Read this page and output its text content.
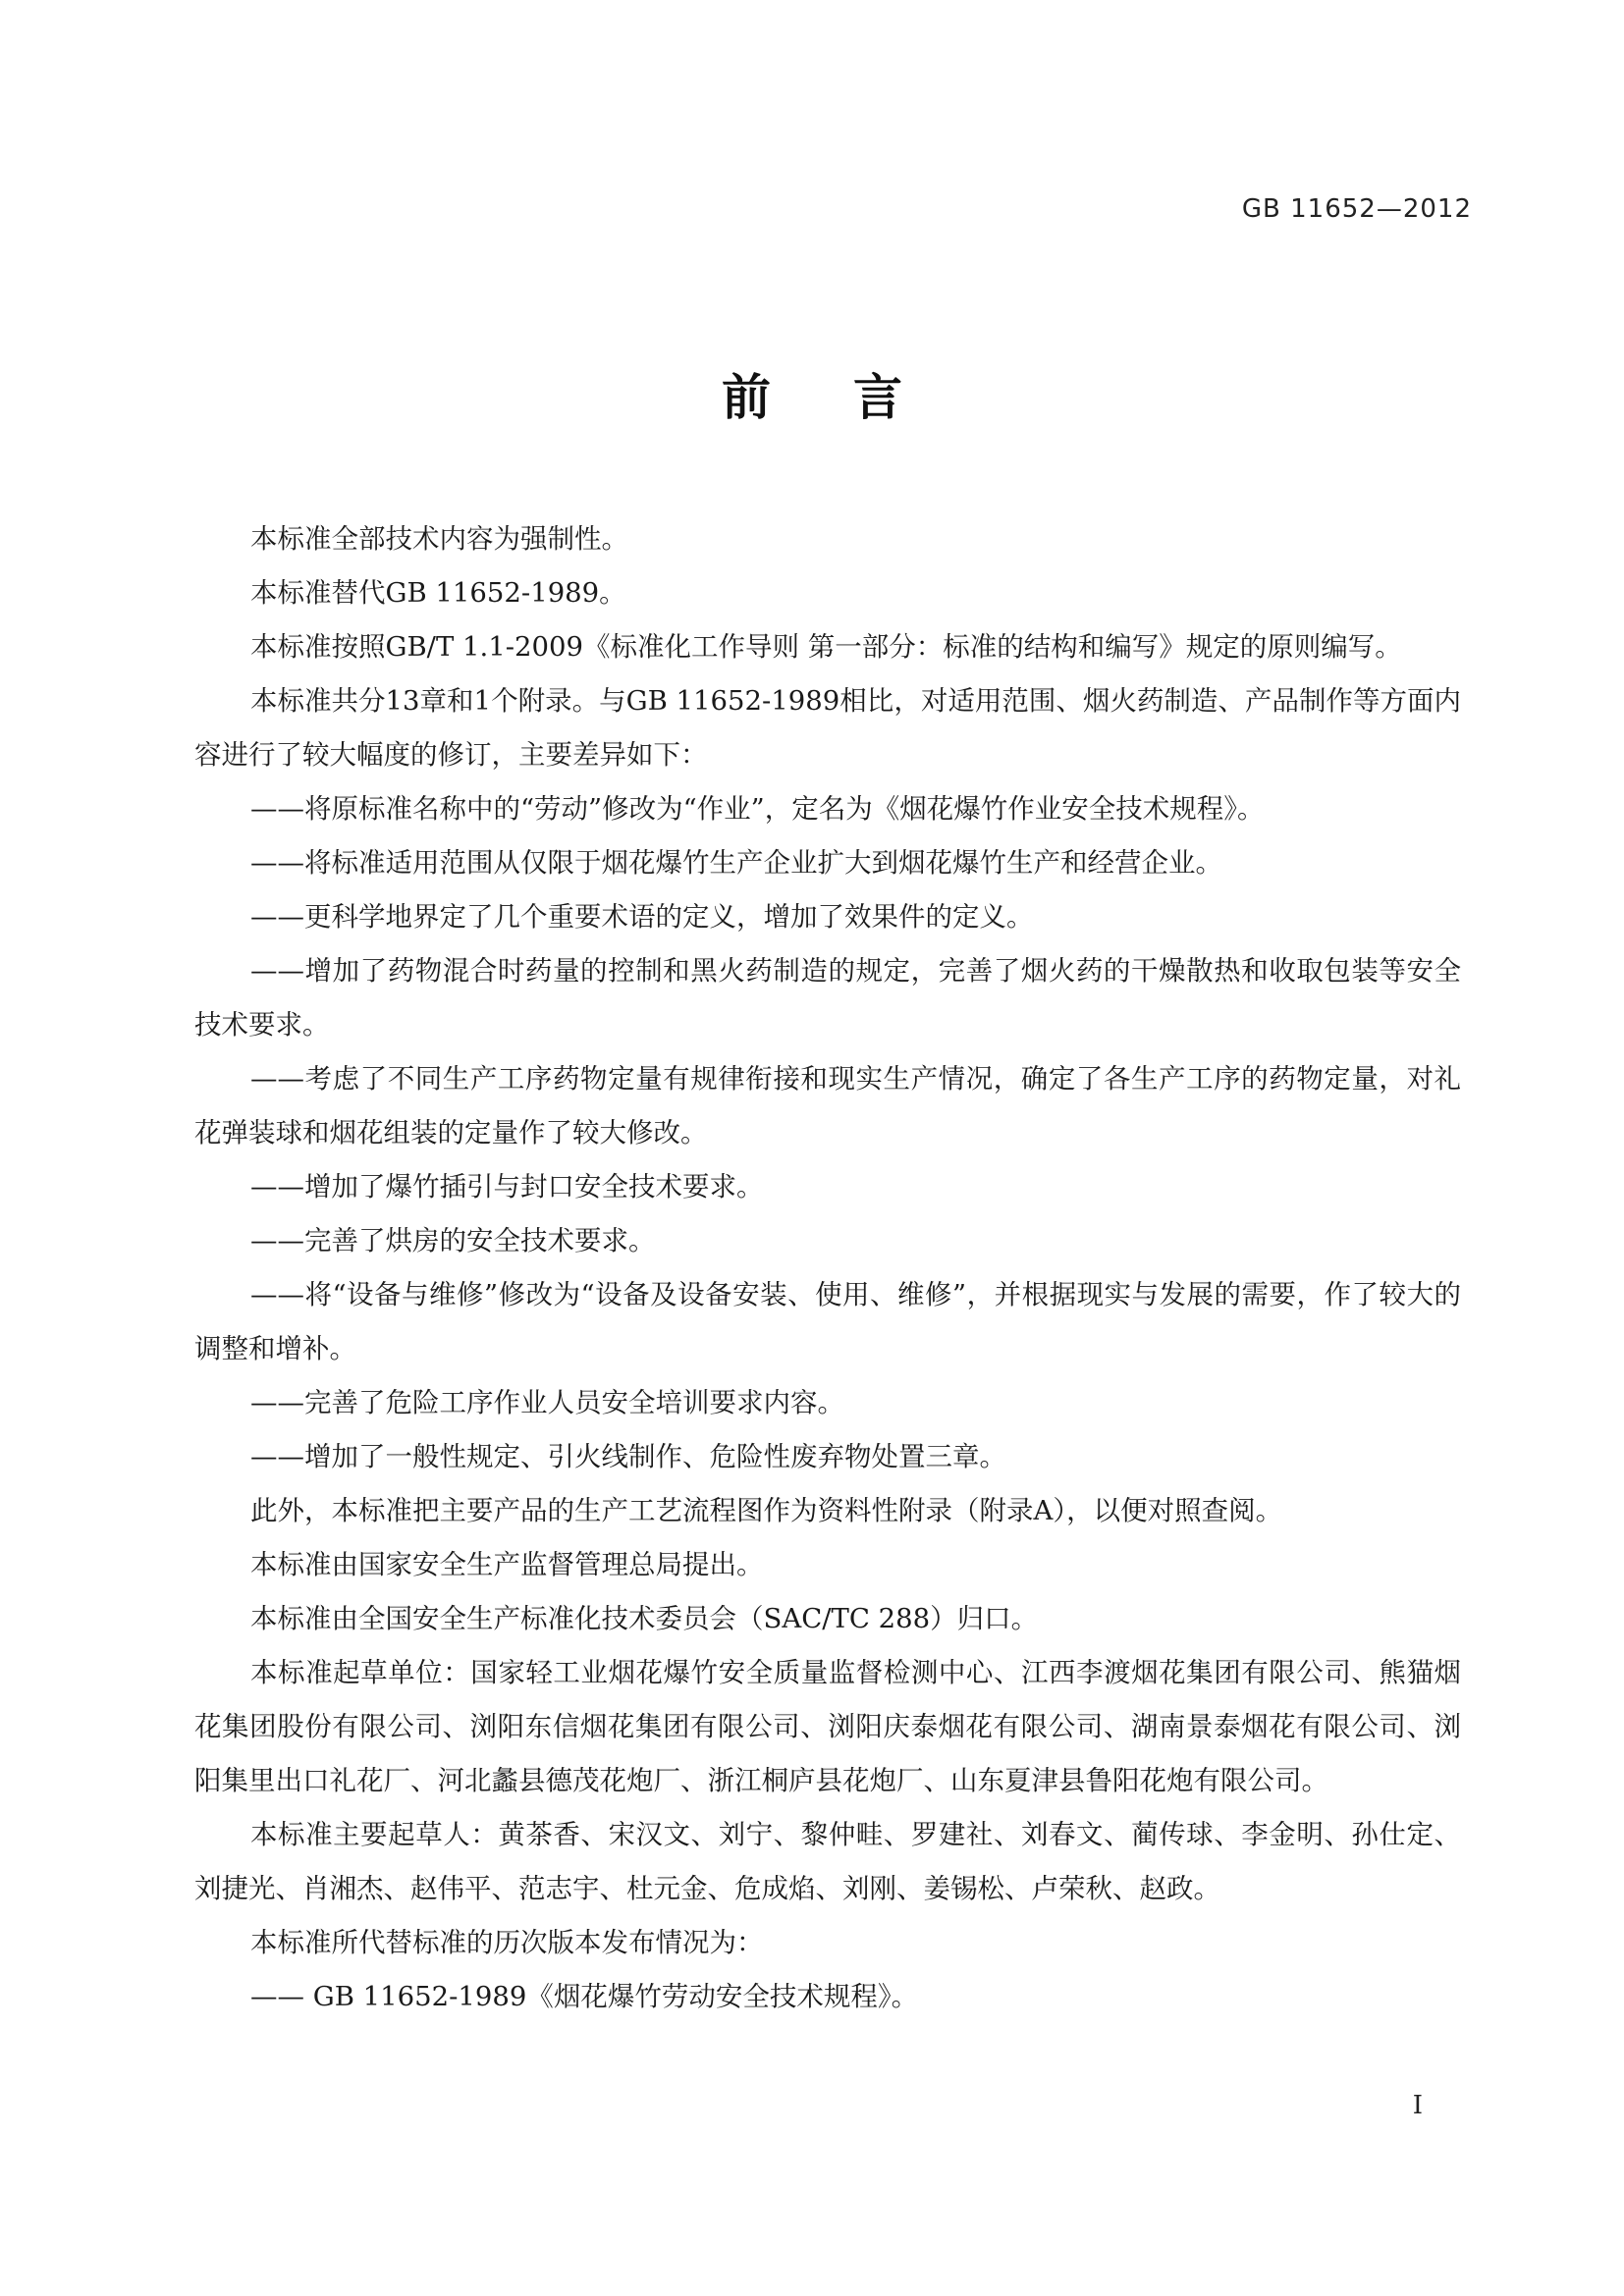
GB 11652—2012
前言

本标准全部技术内容为强制性。

本标准替代GB 11652-1989。

本标准按照GB/T 1.1-2009《标准化工作导则 第一部分：标准的结构和编写》规定的原则编写。

本标准共分13章和1个附录。与GB 11652-1989相比，对适用范围、烟火药制造、产品制作等方面内容进行了较大幅度的修订，主要差异如下：

——将原标准名称中的“劳动”修改为“作业”，定名为《烟花爆竹作业安全技术规程》。

——将标准适用范围从仅限于烟花爆竹生产企业扩大到烟花爆竹生产和经营企业。

——更科学地界定了几个重要术语的定义，增加了效果件的定义。

——增加了药物混合时药量的控制和黑火药制造的规定，完善了烟火药的干燥散热和收取包装等安全技术要求。

——考虑了不同生产工序药物定量有规律衔接和现实生产情况，确定了各生产工序的药物定量，对礼花弹装球和烟花组装的定量作了较大修改。

——增加了爆竹插引与封口安全技术要求。

——完善了烘房的安全技术要求。

——将“设备与维修”修改为“设备及设备安装、使用、维修”，并根据现实与发展的需要，作了较大的调整和增补。

——完善了危险工序作业人员安全培训要求内容。

——增加了一般性规定、引火线制作、危险性废弃物处置三章。

此外，本标准把主要产品的生产工艺流程图作为资料性附录（附录A），以便对照查阅。

本标准由国家安全生产监督管理总局提出。

本标准由全国安全生产标准化技术委员会（SAC/TC 288）归口。

本标准起草单位：国家轻工业烟花爆竹安全质量监督检测中心、江西李渡烟花集团有限公司、熊猫烟花集团股份有限公司、浏阳东信烟花集团有限公司、浏阳庆泰烟花有限公司、湖南景泰烟花有限公司、浏阳集里出口礼花厂、河北蠡县德茂花炮厂、浙江桐庐县花炮厂、山东夏津县鲁阳花炮有限公司。

本标准主要起草人：黄茶香、宋汉文、刘宁、黎仲畦、罗建社、刘春文、蔺传球、李金明、孙仕定、刘捷光、肖湘杰、赵伟平、范志宇、杜元金、危成焰、刘刚、姜锡松、卢荣秋、赵政。

本标准所代替标准的历次版本发布情况为：

—— GB 11652-1989《烟花爆竹劳动安全技术规程》。

I
